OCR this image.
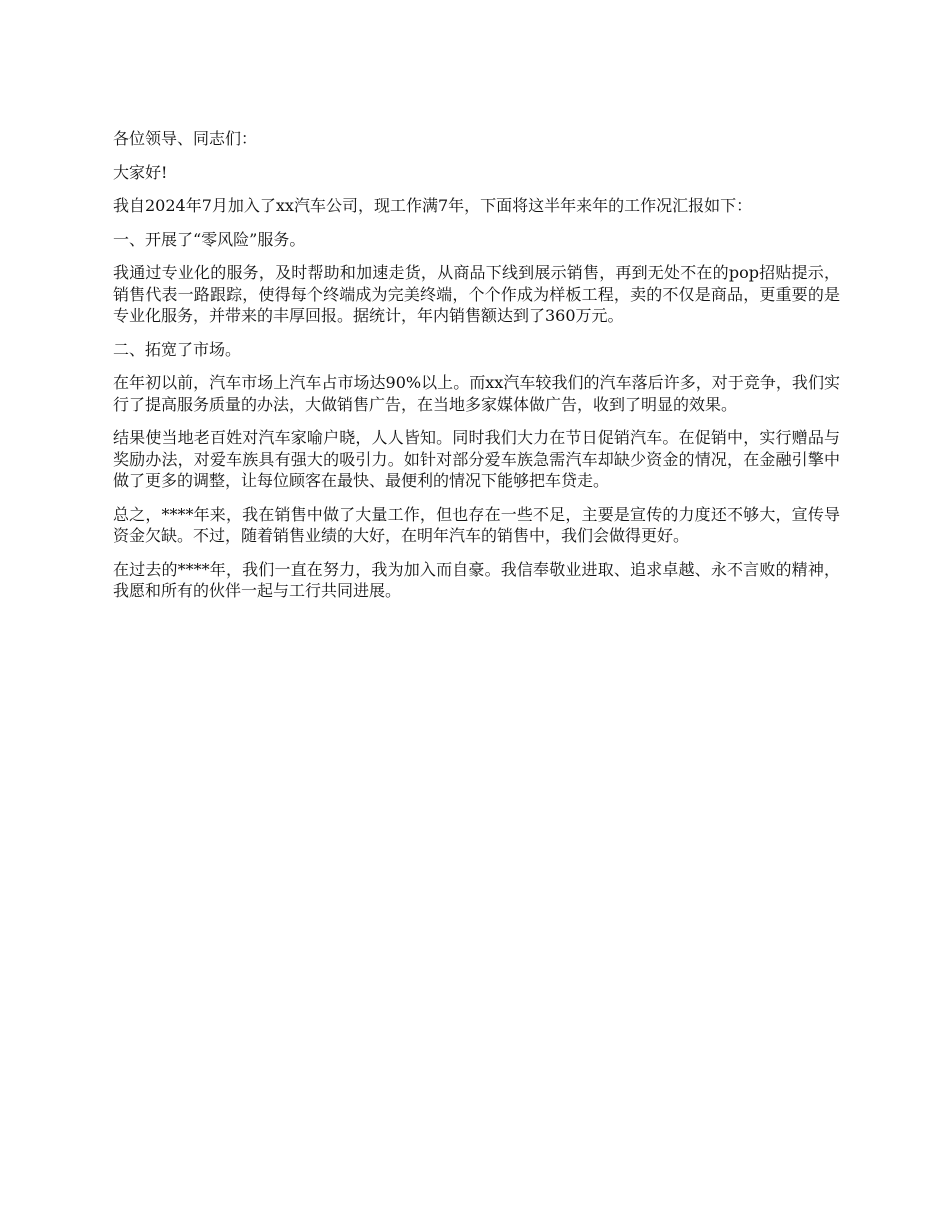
各位领导、同志们：

大家好!

我自2024年7月加入了xx汽车公司，现工作满7年，下面将这半年来年的工作况汇报如下：

一、开展了“零风险”服务。

我通过专业化的服务，及时帮助和加速走货，从商品下线到展示销售，再到无处不在的pop招贴提示，销售代表一路跟踪，使得每个终端成为完美终端，个个作成为样板工程，卖的不仅是商品，更重要的是专业化服务，并带来的丰厚回报。据统计，年内销售额达到了360万元。

二、拓宽了市场。

在年初以前，汽车市场上汽车占市场达90%以上。而xx汽车较我们的汽车落后许多，对于竞争，我们实行了提高服务质量的办法，大做销售广告，在当地多家媒体做广告，收到了明显的效果。

结果使当地老百姓对汽车家喻户晓，人人皆知。同时我们大力在节日促销汽车。在促销中，实行赠品与奖励办法，对爱车族具有强大的吸引力。如针对部分爱车族急需汽车却缺少资金的情况，在金融引擎中做了更多的调整，让每位顾客在最快、最便利的情况下能够把车贷走。

总之，****年来，我在销售中做了大量工作，但也存在一些不足，主要是宣传的力度还不够大，宣传导资金欠缺。不过，随着销售业绩的大好，在明年汽车的销售中，我们会做得更好。

在过去的****年，我们一直在努力，我为加入而自豪。我信奉敬业进取、追求卓越、永不言败的精神，我愿和所有的伙伴一起与工行共同进展。
